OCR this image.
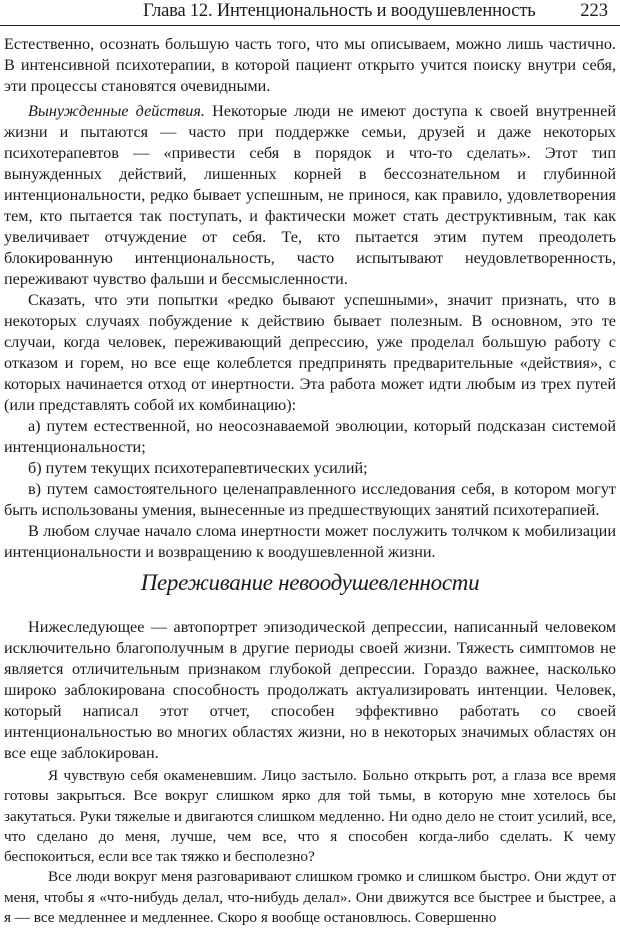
Глава 12. Интенциональность и воодушевленность 223

Естественно, осознать большую часть того, что мы описываем, можно лишь частично. В интенсивной психотерапии, в которой пациент открыто учится поиску внутри себя, эти процессы становятся очевидными.

Вынужденные действия. Некоторые люди не имеют доступа к своей внутренней жизни и пытаются — часто при поддержке семьи, друзей и даже некоторых психотерапевтов — «привести себя в порядок и что-то сделать». Этот тип вынужденных действий, лишенных корней в бессознательном и глубинной интенциональности, редко бывает успешным, не принося, как правило, удовлетворения тем, кто пытается так поступать, и фактически может стать деструктивным, так как увеличивает отчуждение от себя. Те, кто пытается этим путем преодолеть блокированную интенциональность, часто испытывают неудовлетворенность, переживают чувство фальши и бессмысленности.

Сказать, что эти попытки «редко бывают успешными», значит признать, что в некоторых случаях побуждение к действию бывает полезным. В основном, это те случаи, когда человек, переживающий депрессию, уже проделал большую работу с отказом и горем, но все еще колеблется предпринять предварительные «действия», с которых начинается отход от инертности. Эта работа может идти любым из трех путей (или представлять собой их комбинацию):

а) путем естественной, но неосознаваемой эволюции, который подсказан системой интенциональности;

б) путем текущих психотерапевтических усилий;

в) путем самостоятельного целенаправленного исследования себя, в котором могут быть использованы умения, вынесенные из предшествующих занятий психотерапией.

В любом случае начало слома инертности может послужить толчком к мобилизации интенциональности и возвращению к воодушевленной жизни.

Переживание невоодушевленности

Нижеследующее — автопортрет эпизодической депрессии, написанный человеком исключительно благополучным в другие периоды своей жизни. Тяжесть симптомов не является отличительным признаком глубокой депрессии. Гораздо важнее, насколько широко заблокирована способность продолжать актуализировать интенции. Человек, который написал этот отчет, способен эффективно работать со своей интенциональностью во многих областях жизни, но в некоторых значимых областях он все еще заблокирован.

Я чувствую себя окаменевшим. Лицо застыло. Больно открыть рот, а глаза все время готовы закрыться. Все вокруг слишком ярко для той тьмы, в которую мне хотелось бы закутаться. Руки тяжелые и двигаются слишком медленно. Ни одно дело не стоит усилий, все, что сделано до меня, лучше, чем все, что я способен когда-либо сделать. К чему беспокоиться, если все так тяжко и бесполезно?

Все люди вокруг меня разговаривают слишком громко и слишком быстро. Они ждут от меня, чтобы я «что-нибудь делал, что-нибудь делал». Они движутся все быстрее и быстрее, а я — все медленнее и медленнее. Скоро я вообще остановлюсь. Совершенно
